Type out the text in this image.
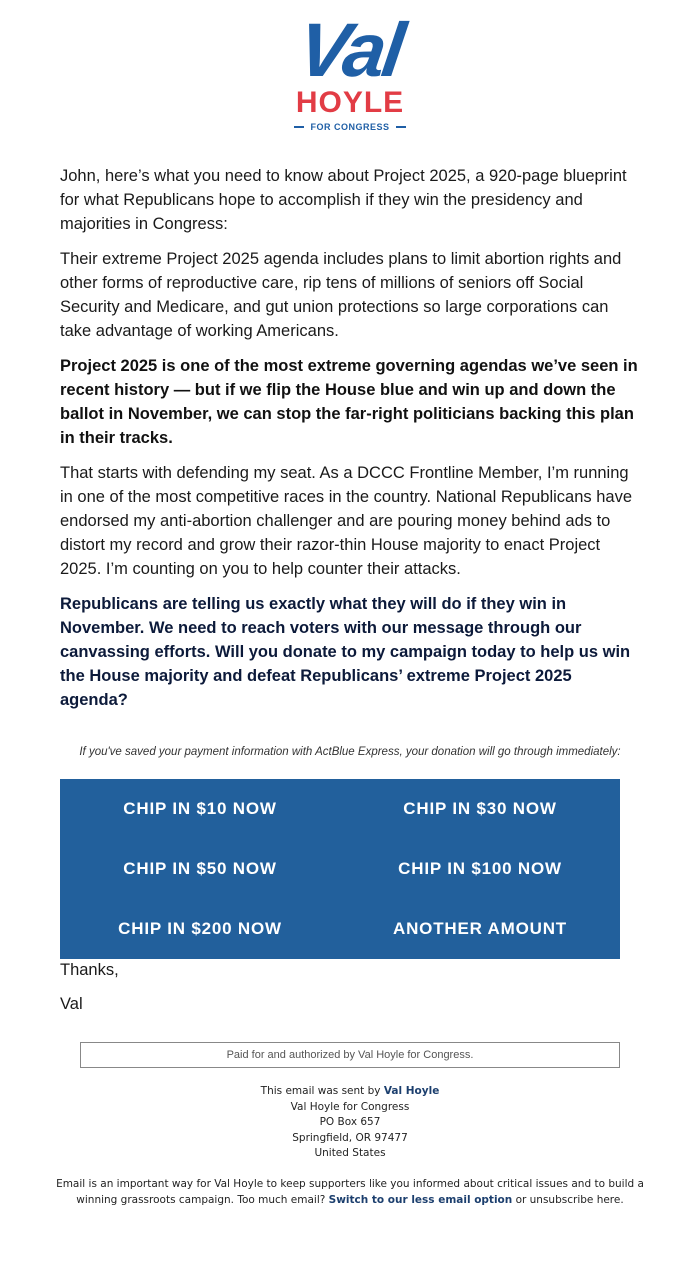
Val
HOYLE
FOR CONGRESS

John, here’s what you need to know about Project 2025, a 920-page blueprint for what Republicans hope to accomplish if they win the presidency and majorities in Congress:

Their extreme Project 2025 agenda includes plans to limit abortion rights and other forms of reproductive care, rip tens of millions of seniors off Social Security and Medicare, and gut union protections so large corporations can take advantage of working Americans.

Project 2025 is one of the most extreme governing agendas we’ve seen in recent history — but if we flip the House blue and win up and down the ballot in November, we can stop the far-right politicians backing this plan in their tracks.

That starts with defending my seat. As a DCCC Frontline Member, I’m running in one of the most competitive races in the country. National Republicans have endorsed my anti-abortion challenger and are pouring money behind ads to distort my record and grow their razor-thin House majority to enact Project 2025. I’m counting on you to help counter their attacks.

Republicans are telling us exactly what they will do if they win in November. We need to reach voters with our message through our canvassing efforts. Will you donate to my campaign today to help us win the House majority and defeat Republicans’ extreme Project 2025 agenda?

If you've saved your payment information with ActBlue Express, your donation will go through immediately:
CHIP IN $10 NOW	CHIP IN $30 NOW
CHIP IN $50 NOW	CHIP IN $100 NOW
CHIP IN $200 NOW	ANOTHER AMOUNT
Thanks,
Val
Paid for and authorized by Val Hoyle for Congress.
This email was sent by Val Hoyle
Val Hoyle for Congress
PO Box 657
Springfield, OR 97477
United States
Email is an important way for Val Hoyle to keep supporters like you informed about critical issues and to build a winning grassroots campaign. Too much email? Switch to our less email option or unsubscribe here.
